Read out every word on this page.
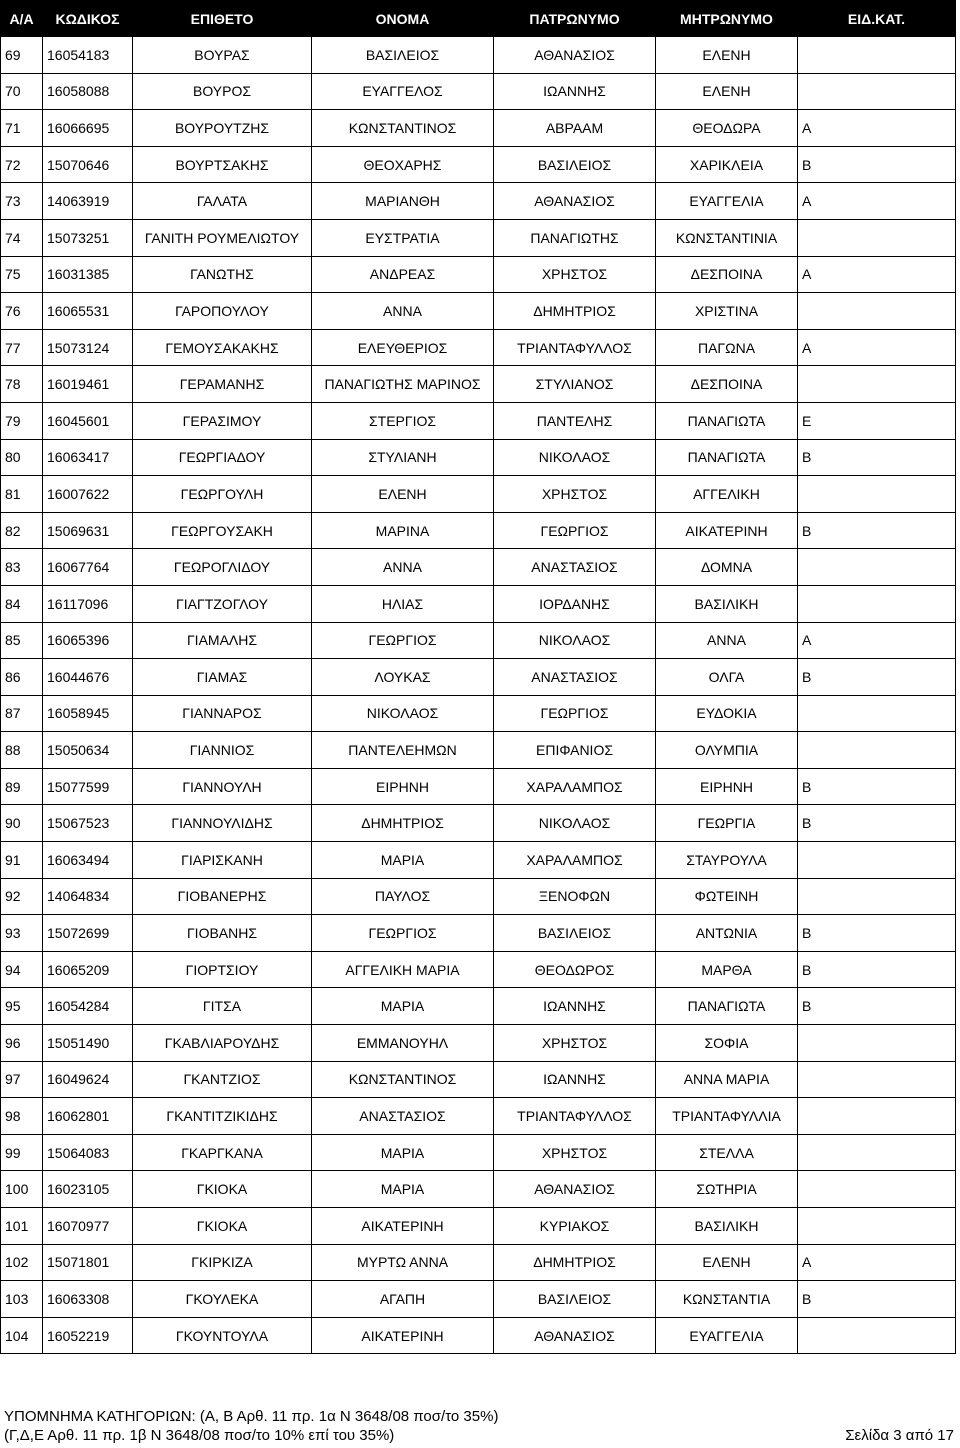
Α/Α	ΚΩΔΙΚΟΣ	ΕΠΙΘΕΤΟ	ΟΝΟΜΑ	ΠΑΤΡΩΝΥΜΟ	ΜΗΤΡΩΝΥΜΟ	ΕΙΔ.ΚΑΤ.
69	16054183	ΒΟΥΡΑΣ	ΒΑΣΙΛΕΙΟΣ	ΑΘΑΝΑΣΙΟΣ	ΕΛΕΝΗ	
70	16058088	ΒΟΥΡΟΣ	ΕΥΑΓΓΕΛΟΣ	ΙΩΑΝΝΗΣ	ΕΛΕΝΗ	
71	16066695	ΒΟΥΡΟΥΤΖΗΣ	ΚΩΝΣΤΑΝΤΙΝΟΣ	ΑΒΡΑΑΜ	ΘΕΟΔΩΡΑ	Α
72	15070646	ΒΟΥΡΤΣΑΚΗΣ	ΘΕΟΧΑΡΗΣ	ΒΑΣΙΛΕΙΟΣ	ΧΑΡΙΚΛΕΙΑ	Β
73	14063919	ΓΑΛΑΤΑ	ΜΑΡΙΑΝΘΗ	ΑΘΑΝΑΣΙΟΣ	ΕΥΑΓΓΕΛΙΑ	Α
74	15073251	ΓΑΝΙΤΗ ΡΟΥΜΕΛΙΩΤΟΥ	ΕΥΣΤΡΑΤΙΑ	ΠΑΝΑΓΙΩΤΗΣ	ΚΩΝΣΤΑΝΤΙΝΙΑ	
75	16031385	ΓΑΝΩΤΗΣ	ΑΝΔΡΕΑΣ	ΧΡΗΣΤΟΣ	ΔΕΣΠΟΙΝΑ	Α
76	16065531	ΓΑΡΟΠΟΥΛΟΥ	ΑΝΝΑ	ΔΗΜΗΤΡΙΟΣ	ΧΡΙΣΤΙΝΑ	
77	15073124	ΓΕΜΟΥΣΑΚΑΚΗΣ	ΕΛΕΥΘΕΡΙΟΣ	ΤΡΙΑΝΤΑΦΥΛΛΟΣ	ΠΑΓΩΝΑ	Α
78	16019461	ΓΕΡΑΜΑΝΗΣ	ΠΑΝΑΓΙΩΤΗΣ ΜΑΡΙΝΟΣ	ΣΤΥΛΙΑΝΟΣ	ΔΕΣΠΟΙΝΑ	
79	16045601	ΓΕΡΑΣΙΜΟΥ	ΣΤΕΡΓΙΟΣ	ΠΑΝΤΕΛΗΣ	ΠΑΝΑΓΙΩΤΑ	Ε
80	16063417	ΓΕΩΡΓΙΑΔΟΥ	ΣΤΥΛΙΑΝΗ	ΝΙΚΟΛΑΟΣ	ΠΑΝΑΓΙΩΤΑ	Β
81	16007622	ΓΕΩΡΓΟΥΛΗ	ΕΛΕΝΗ	ΧΡΗΣΤΟΣ	ΑΓΓΕΛΙΚΗ	
82	15069631	ΓΕΩΡΓΟΥΣΑΚΗ	ΜΑΡΙΝΑ	ΓΕΩΡΓΙΟΣ	ΑΙΚΑΤΕΡΙΝΗ	Β
83	16067764	ΓΕΩΡΟΓΛΙΔΟΥ	ΑΝΝΑ	ΑΝΑΣΤΑΣΙΟΣ	ΔΟΜΝΑ	
84	16117096	ΓΙΑΓΤΖΟΓΛΟΥ	ΗΛΙΑΣ	ΙΟΡΔΑΝΗΣ	ΒΑΣΙΛΙΚΗ	
85	16065396	ΓΙΑΜΑΛΗΣ	ΓΕΩΡΓΙΟΣ	ΝΙΚΟΛΑΟΣ	ΑΝΝΑ	Α
86	16044676	ΓΙΑΜΑΣ	ΛΟΥΚΑΣ	ΑΝΑΣΤΑΣΙΟΣ	ΟΛΓΑ	Β
87	16058945	ΓΙΑΝΝΑΡΟΣ	ΝΙΚΟΛΑΟΣ	ΓΕΩΡΓΙΟΣ	ΕΥΔΟΚΙΑ	
88	15050634	ΓΙΑΝΝΙΟΣ	ΠΑΝΤΕΛΕΗΜΩΝ	ΕΠΙΦΑΝΙΟΣ	ΟΛΥΜΠΙΑ	
89	15077599	ΓΙΑΝΝΟΥΛΗ	ΕΙΡΗΝΗ	ΧΑΡΑΛΑΜΠΟΣ	ΕΙΡΗΝΗ	Β
90	15067523	ΓΙΑΝΝΟΥΛΙΔΗΣ	ΔΗΜΗΤΡΙΟΣ	ΝΙΚΟΛΑΟΣ	ΓΕΩΡΓΙΑ	Β
91	16063494	ΓΙΑΡΙΣΚΑΝΗ	ΜΑΡΙΑ	ΧΑΡΑΛΑΜΠΟΣ	ΣΤΑΥΡΟΥΛΑ	
92	14064834	ΓΙΟΒΑΝΕΡΗΣ	ΠΑΥΛΟΣ	ΞΕΝΟΦΩΝ	ΦΩΤΕΙΝΗ	
93	15072699	ΓΙΟΒΑΝΗΣ	ΓΕΩΡΓΙΟΣ	ΒΑΣΙΛΕΙΟΣ	ΑΝΤΩΝΙΑ	Β
94	16065209	ΓΙΟΡΤΣΙΟΥ	ΑΓΓΕΛΙΚΗ ΜΑΡΙΑ	ΘΕΟΔΩΡΟΣ	ΜΑΡΘΑ	Β
95	16054284	ΓΙΤΣΑ	ΜΑΡΙΑ	ΙΩΑΝΝΗΣ	ΠΑΝΑΓΙΩΤΑ	Β
96	15051490	ΓΚΑΒΛΙΑΡΟΥΔΗΣ	ΕΜΜΑΝΟΥΗΛ	ΧΡΗΣΤΟΣ	ΣΟΦΙΑ	
97	16049624	ΓΚΑΝΤΖΙΟΣ	ΚΩΝΣΤΑΝΤΙΝΟΣ	ΙΩΑΝΝΗΣ	ΑΝΝΑ ΜΑΡΙΑ	
98	16062801	ΓΚΑΝΤΙΤΖΙΚΙΔΗΣ	ΑΝΑΣΤΑΣΙΟΣ	ΤΡΙΑΝΤΑΦΥΛΛΟΣ	ΤΡΙΑΝΤΑΦΥΛΛΙΑ	
99	15064083	ΓΚΑΡΓΚΑΝΑ	ΜΑΡΙΑ	ΧΡΗΣΤΟΣ	ΣΤΕΛΛΑ	
100	16023105	ΓΚΙΟΚΑ	ΜΑΡΙΑ	ΑΘΑΝΑΣΙΟΣ	ΣΩΤΗΡΙΑ	
101	16070977	ΓΚΙΟΚΑ	ΑΙΚΑΤΕΡΙΝΗ	ΚΥΡΙΑΚΟΣ	ΒΑΣΙΛΙΚΗ	
102	15071801	ΓΚΙΡΚΙΖΑ	ΜΥΡΤΩ ΑΝΝΑ	ΔΗΜΗΤΡΙΟΣ	ΕΛΕΝΗ	Α
103	16063308	ΓΚΟΥΛΕΚΑ	ΑΓΑΠΗ	ΒΑΣΙΛΕΙΟΣ	ΚΩΝΣΤΑΝΤΙΑ	Β
104	16052219	ΓΚΟΥΝΤΟΥΛΑ	ΑΙΚΑΤΕΡΙΝΗ	ΑΘΑΝΑΣΙΟΣ	ΕΥΑΓΓΕΛΙΑ	
ΥΠΟΜΝΗΜΑ ΚΑΤΗΓΟΡΙΩΝ: (Α, Β Αρθ. 11 πρ. 1α Ν 3648/08 ποσ/το 35%)
(Γ,Δ,Ε Αρθ. 11 πρ. 1β Ν 3648/08 ποσ/το 10% επί του 35%)	Σελίδα 3 από 17
